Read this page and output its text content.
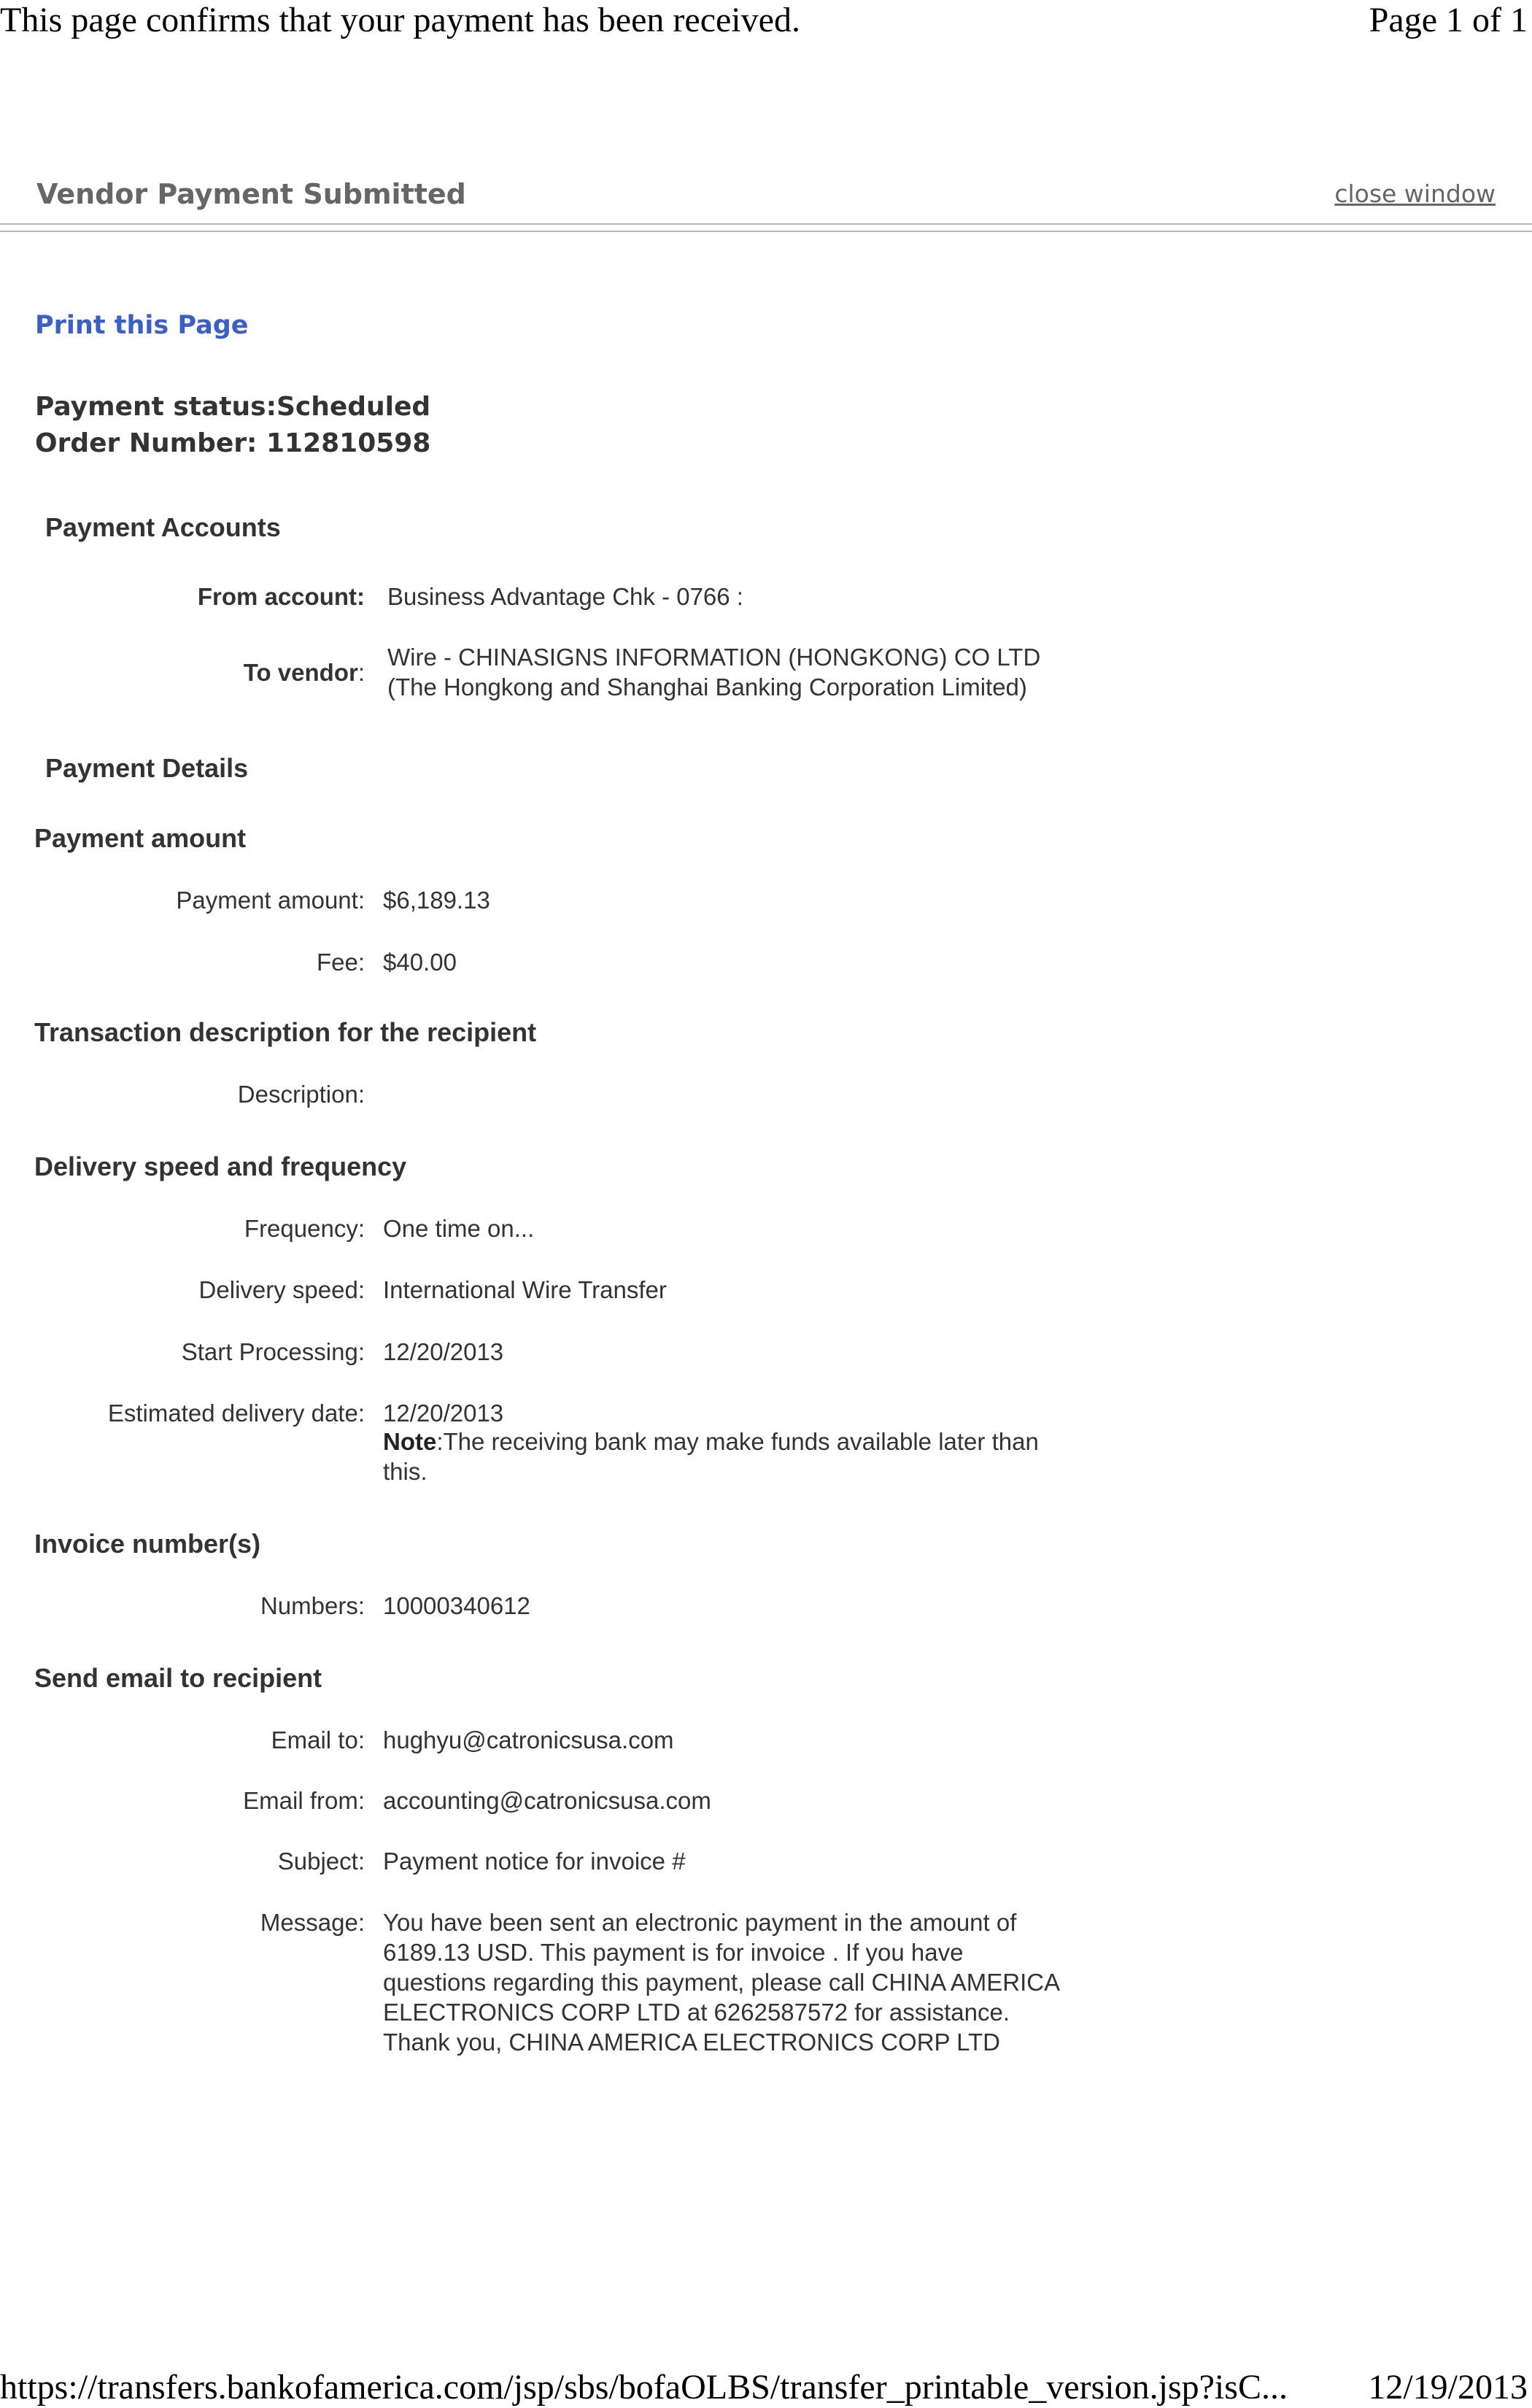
This page confirms that your payment has been received.	Page 1 of 1
Vendor Payment Submitted	close window
Print this Page
Payment status:Scheduled
Order Number: 112810598
Payment Accounts
From account: Business Advantage Chk - 0766 :
To vendor:
Wire - CHINASIGNS INFORMATION (HONGKONG) CO LTD
(The Hongkong and Shanghai Banking Corporation Limited)
Payment Details
Payment amount
Payment amount: $6,189.13
Fee: $40.00
Transaction description for the recipient
Description:
Delivery speed and frequency
Frequency: One time on...
Delivery speed: International Wire Transfer
Start Processing: 12/20/2013
Estimated delivery date: 12/20/2013
Note:The receiving bank may make funds available later than
this.
Invoice number(s)
Numbers: 10000340612
Send email to recipient
Email to: hughyu@catronicsusa.com
Email from: accounting@catronicsusa.com
Subject: Payment notice for invoice #
Message: You have been sent an electronic payment in the amount of
6189.13 USD. This payment is for invoice . If you have
questions regarding this payment, please call CHINA AMERICA
ELECTRONICS CORP LTD at 6262587572 for assistance.
Thank you, CHINA AMERICA ELECTRONICS CORP LTD
https://transfers.bankofamerica.com/jsp/sbs/bofaOLBS/transfer_printable_version.jsp?isC... 12/19/2013
